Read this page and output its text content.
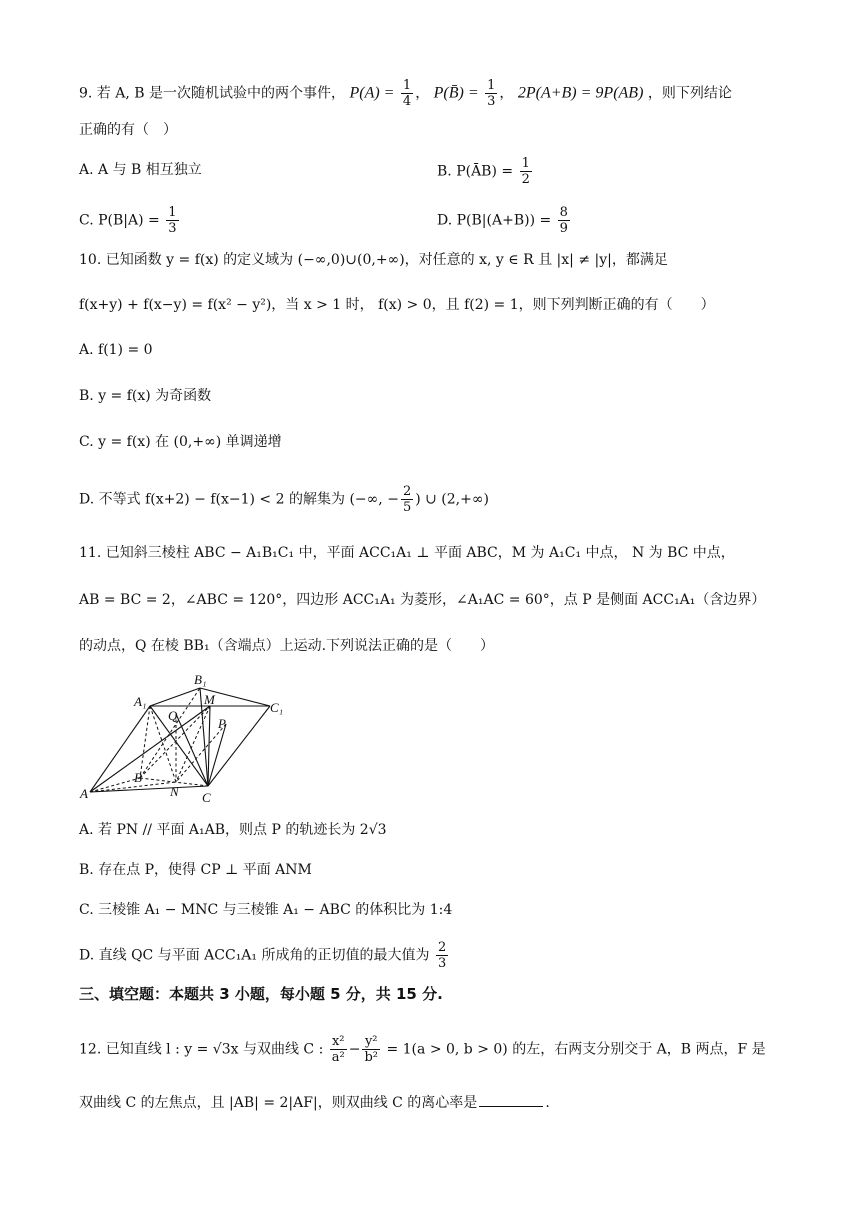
9. 若 A, B 是一次随机试验中的两个事件， $P(A) = \frac{1}{4}$ ， P(B̄) = $\frac{1}{3}$ ， 2P(A+B) = 9P(AB) ，则下列结论
正确的有（　）
A. A 与 B 相互独立	B. P(ĀB) = $\frac{1}{2}$
C. $P(B|A) = \frac{1}{3}$	D. $P(B|(A+B)) = \frac{8}{9}$
10. 已知函数 y = f(x) 的定义域为 (−∞,0)∪(0,+∞)，对任意的 x, y ∈ R 且 |x| ≠ |y|，都满足
f(x+y) + f(x−y) = f(x² − y²)，当 x > 1 时， f(x) > 0，且 f(2) = 1，则下列判断正确的有（　　）
A. f(1) = 0
B. y = f(x) 为奇函数
C. y = f(x) 在 (0,+∞) 单调递增
D. 不等式 f(x+2) − f(x−1) < 2 的解集为 (−∞, − $\frac{2}{5}$ ) ∪ (2,+∞)
11. 已知斜三棱柱 ABC − A₁B₁C₁ 中，平面 ACC₁A₁ ⊥ 平面 ABC，M 为 A₁C₁ 中点， N 为 BC 中点，
AB = BC = 2，∠ABC = 120°，四边形 ACC₁A₁ 为菱形，∠A₁AC = 60°，点 P 是侧面 ACC₁A₁（含边界）
的动点，Q 在棱 BB₁（含端点）上运动.下列说法正确的是（　　）
A
A₁
B
B₁
C
C₁
M
N
P
Q
A. 若 PN // 平面 A₁AB，则点 P 的轨迹长为 2√3
B. 存在点 P，使得 CP ⊥ 平面 ANM
C. 三棱锥 A₁ − MNC 与三棱锥 A₁ − ABC 的体积比为 1:4
D. 直线 QC 与平面 ACC₁A₁ 所成角的正切值的最大值为 $\frac{2}{3}$
三、填空题：本题共 3 小题，每小题 5 分，共 15 分.
12. 已知直线 l : y = √3x 与双曲线 C : $\frac{\text{x²}}{\text{a²}} - \frac{\text{y²}}{\text{b²}} = 1(a > 0$, b > 0) 的左，右两支分别交于 A，B 两点，F 是
双曲线 C 的左焦点，且 |AB| = 2|AF|，则双曲线 C 的离心率是	.
